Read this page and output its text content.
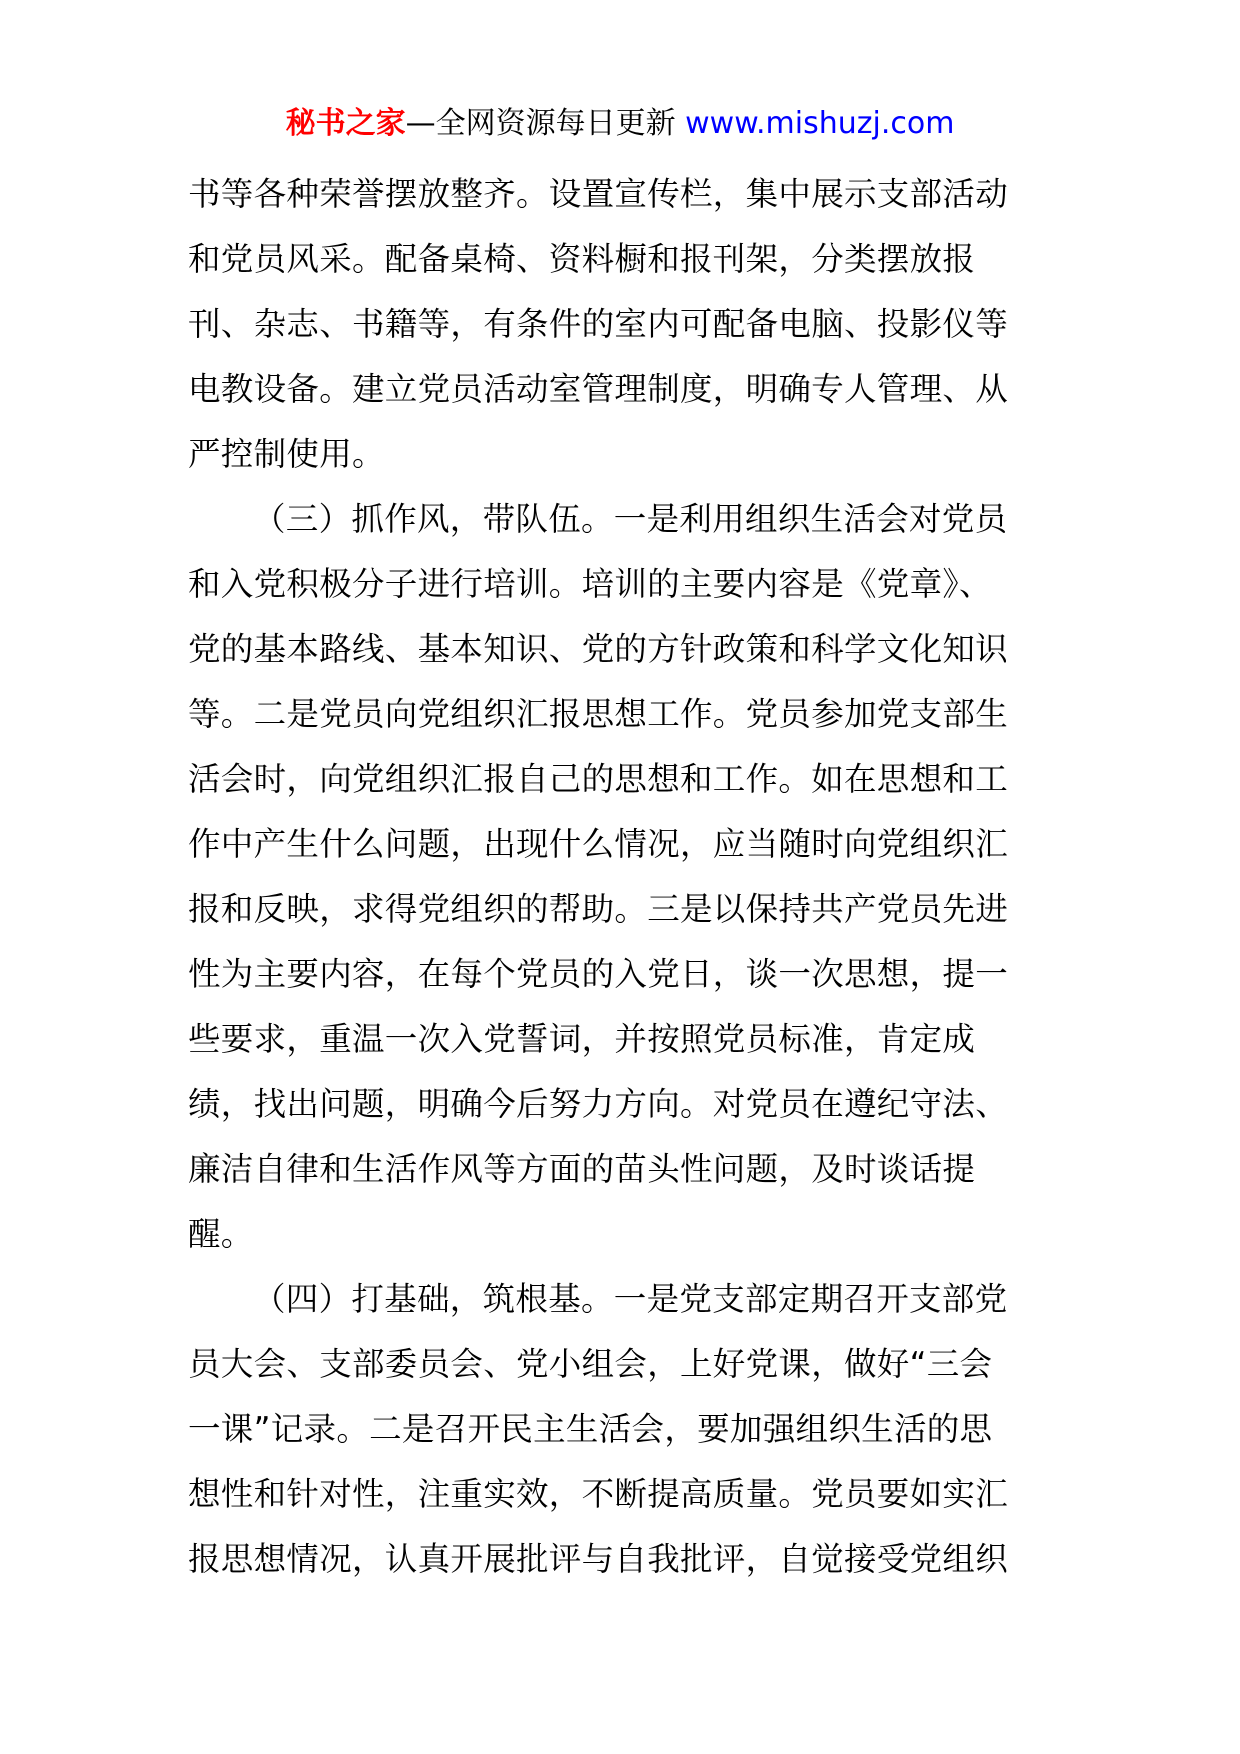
秘书之家—全网资源每日更新 www.mishuzj.com

书等各种荣誉摆放整齐。设置宣传栏，集中展示支部活动
和党员风采。配备桌椅、资料橱和报刊架，分类摆放报
刊、杂志、书籍等，有条件的室内可配备电脑、投影仪等
电教设备。建立党员活动室管理制度，明确专人管理、从
严控制使用。

（三）抓作风，带队伍。一是利用组织生活会对党员
和入党积极分子进行培训。培训的主要内容是《党章》、
党的基本路线、基本知识、党的方针政策和科学文化知识
等。二是党员向党组织汇报思想工作。党员参加党支部生
活会时，向党组织汇报自己的思想和工作。如在思想和工
作中产生什么问题，出现什么情况，应当随时向党组织汇
报和反映，求得党组织的帮助。三是以保持共产党员先进
性为主要内容，在每个党员的入党日，谈一次思想，提一
些要求，重温一次入党誓词，并按照党员标准，肯定成
绩，找出问题，明确今后努力方向。对党员在遵纪守法、
廉洁自律和生活作风等方面的苗头性问题，及时谈话提
醒。

（四）打基础，筑根基。一是党支部定期召开支部党
员大会、支部委员会、党小组会，上好党课，做好“三会
一课”记录。二是召开民主生活会，要加强组织生活的思
想性和针对性，注重实效，不断提高质量。党员要如实汇
报思想情况，认真开展批评与自我批评，自觉接受党组织
